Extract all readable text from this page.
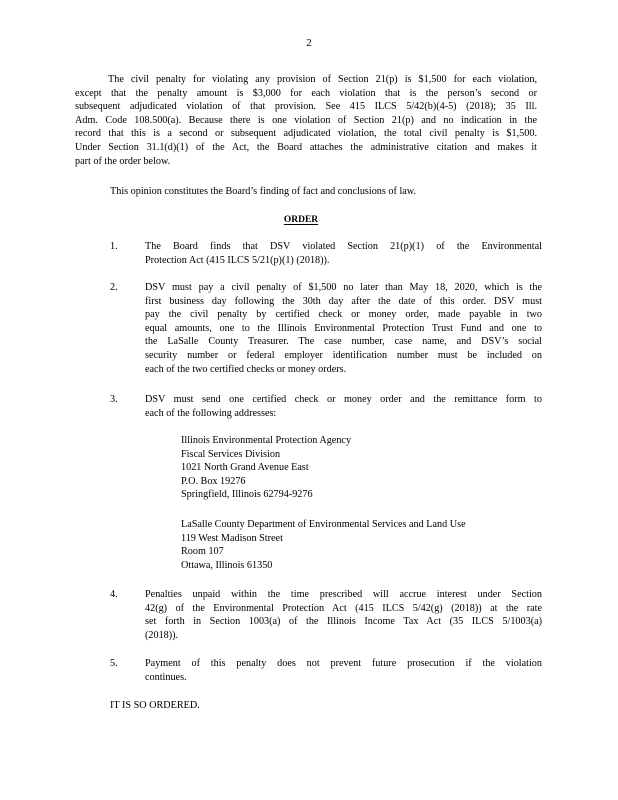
2
The civil penalty for violating any provision of Section 21(p) is $1,500 for each violation,
except that the penalty amount is $3,000 for each violation that is the person’s second or
subsequent adjudicated violation of that provision. See 415 ILCS 5/42(b)(4-5) (2018); 35 Ill.
Adm. Code 108.500(a). Because there is one violation of Section 21(p) and no indication in the
record that this is a second or subsequent adjudicated violation, the total civil penalty is $1,500.
Under Section 31.1(d)(1) of the Act, the Board attaches the administrative citation and makes it
part of the order below.
This opinion constitutes the Board’s finding of fact and conclusions of law.
ORDER
1.	The Board finds that DSV violated Section 21(p)(1) of the Environmental
Protection Act (415 ILCS 5/21(p)(1) (2018)).
2.	DSV must pay a civil penalty of $1,500 no later than May 18, 2020, which is the
first business day following the 30th day after the date of this order. DSV must
pay the civil penalty by certified check or money order, made payable in two
equal amounts, one to the Illinois Environmental Protection Trust Fund and one to
the LaSalle County Treasurer. The case number, case name, and DSV’s social
security number or federal employer identification number must be included on
each of the two certified checks or money orders.
3.	DSV must send one certified check or money order and the remittance form to
each of the following addresses:
Illinois Environmental Protection Agency
Fiscal Services Division
1021 North Grand Avenue East
P.O. Box 19276
Springfield, Illinois 62794-9276
LaSalle County Department of Environmental Services and Land Use
119 West Madison Street
Room 107
Ottawa, Illinois 61350
4.	Penalties unpaid within the time prescribed will accrue interest under Section
42(g) of the Environmental Protection Act (415 ILCS 5/42(g) (2018)) at the rate
set forth in Section 1003(a) of the Illinois Income Tax Act (35 ILCS 5/1003(a)
(2018)).
5.	Payment of this penalty does not prevent future prosecution if the violation
continues.
IT IS SO ORDERED.
